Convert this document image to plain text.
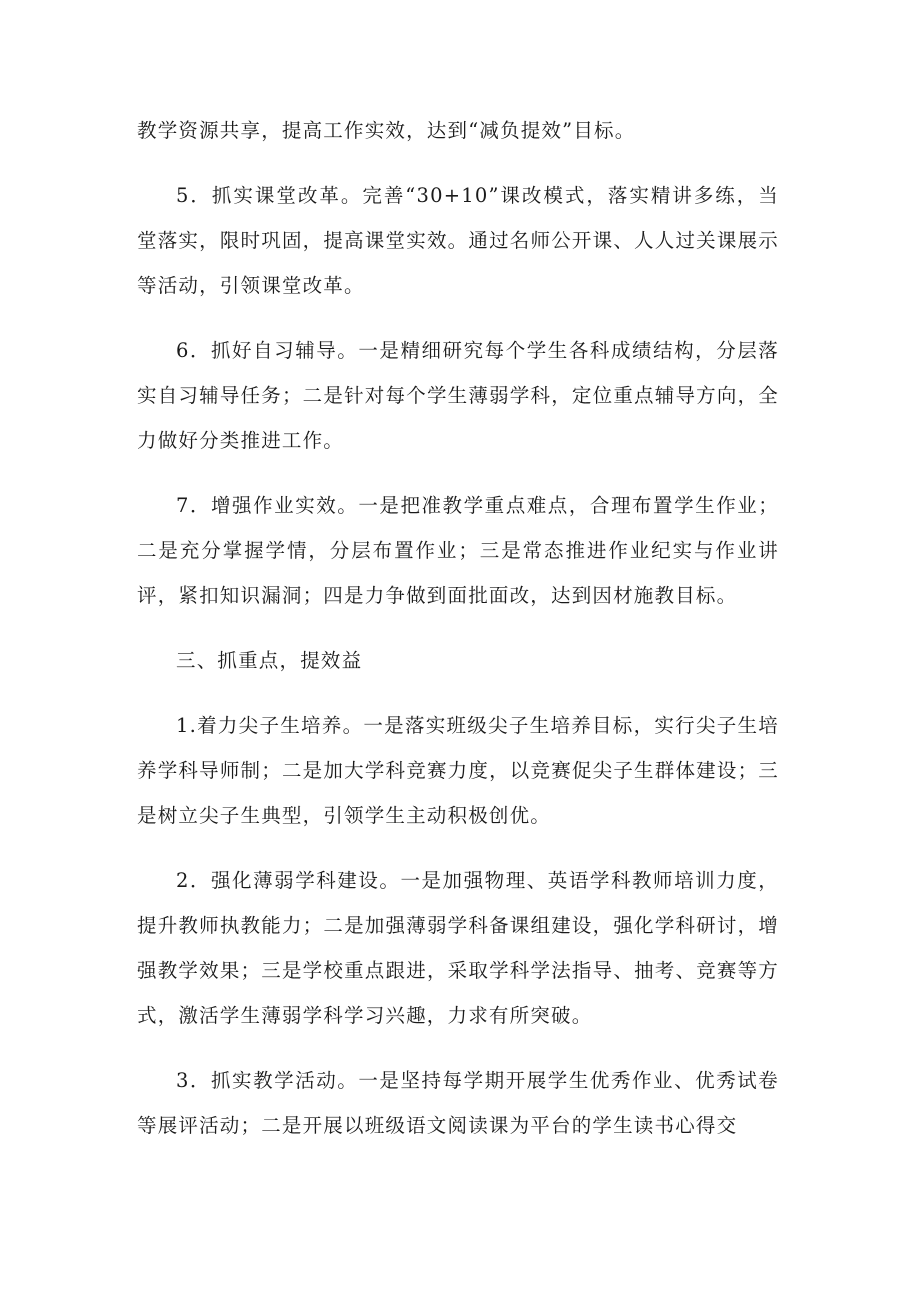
教学资源共享，提高工作实效，达到“减负提效”目标。

5．抓实课堂改革。完善“30+10”课改模式，落实精讲多练，当堂落实，限时巩固，提高课堂实效。通过名师公开课、人人过关课展示等活动，引领课堂改革。

6．抓好自习辅导。一是精细研究每个学生各科成绩结构，分层落实自习辅导任务；二是针对每个学生薄弱学科，定位重点辅导方向，全力做好分类推进工作。

7．增强作业实效。一是把准教学重点难点，合理布置学生作业；二是充分掌握学情，分层布置作业；三是常态推进作业纪实与作业讲评，紧扣知识漏洞；四是力争做到面批面改，达到因材施教目标。

三、抓重点，提效益

1.着力尖子生培养。一是落实班级尖子生培养目标，实行尖子生培养学科导师制；二是加大学科竞赛力度，以竞赛促尖子生群体建设；三是树立尖子生典型，引领学生主动积极创优。

2．强化薄弱学科建设。一是加强物理、英语学科教师培训力度，提升教师执教能力；二是加强薄弱学科备课组建设，强化学科研讨，增强教学效果；三是学校重点跟进，采取学科学法指导、抽考、竞赛等方式，激活学生薄弱学科学习兴趣，力求有所突破。

3．抓实教学活动。一是坚持每学期开展学生优秀作业、优秀试卷等展评活动；二是开展以班级语文阅读课为平台的学生读书心得交
